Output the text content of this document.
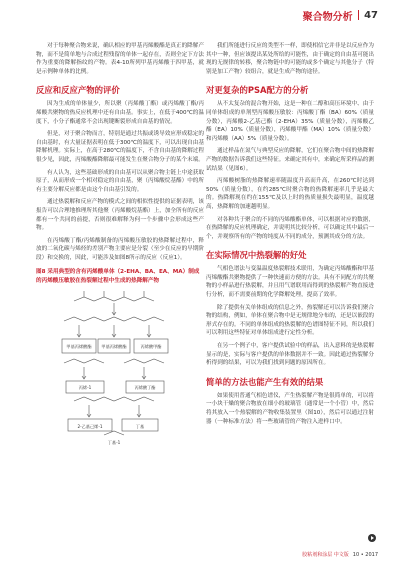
聚合物分析 47

对于每种聚合物来说，确认相应的甲基丙烯酸酯是真正的降解产物，而不是简单地与合成过程残留的单体一起存在，否则全定下方法作为重要的降解指纹的产物。表4-10所列甲基丙烯酸于四甲基，就是示例种单体的比例。

反应和反应产物的评价

因为生成的单体量少，所以聚（丙烯酸丁酯）或丙烯酸丁酯/丙烯酸共聚物的热反应机理中还有自由基。事实上，在低于400℃的温度下，小分子酯通常不会出现键断裂形成自由基的情况。

但是，对于聚合物而言，特别是通过共振或诱导效应形成稳定的自由基时，有大量证据表明在低于300℃的温度下，可以出现自由基降解机理。实际上，在高于280℃的温度下，不含自由基的降解过程很少见，因此，丙烯酸酯降解最可能发生在聚合物分子的某个末端。

有人认为，这些基础形成的自由基可以从聚合物主链上中途获取原子，从而形成一个相对稳定的自由基，聚（丙烯酸烷基酯）中的所有主要分解反应都是由这个自由基引发的。

通过热裂解和反应产物的模式之间的相似性提供的证据表明，该报告可以合理地推理所其他聚（丙烯酸烷基酯）上，加全所有的反应都有一个共同的前提，否则很难解释为何一个步骤中会形成这些产物。

在丙烯酸丁酯/丙烯酸制备的丙烯酸压敏胶的热降解过程中，释放的二氧化碳与烯烃的差别产物主要应是分裂（至少在反应的早期阶段）和交换的，因此，可能涉及如图8所示的反应（反应1）。

图8 采用典型的含有丙烯酸单体（2-EHA、BA、EA、MA）制成的丙烯酸压敏胶在热裂解过程中生成的热降解产物
甲基丙烯酸酯 甲基丙烯酸酯	丙烯酸甲酯
丙烯-1	丙烯酸丁酯
丁基
2-乙基己烯-1
丁基-1

我们所能进行反应的类型不一样，即使相信它并非是以反应作为其中一种，但应该提出某处所给的可能性，由于确定的自由基可能出现的无规律的转移，聚合物链中的可能的或多个确定与其他分子（特别是加工产物）较组合，就是生成产物的途径。

对更复杂的PSA配方的分析

从不太复杂的混合物开始，这是一种在二醇和高压环境中、由于同单体组成的单剂型丙烯酸压敏胶：丙烯酸丁酯（BA）60%（质量分数），丙烯酸2-乙基己酯（2-EHA）35%（质量分数），丙烯酸乙酯（EA）10%（质量分数），丙烯酸甲酯（MA）10%（质量分数）和丙烯酸（AA）5%（质量分数）。

通过样品在氮气与典型反应的降解，它们在聚合物中间的热降解产物的数据告诉我们这些特征。来确定其有中，来确定所采样品的测试结果（见图6）。

丙烯酸树脂的热降解速率随温度升高而升高，在260℃时达到50%（质量分数），在约285℃时聚合物的热降解速率几乎是最大的。热降解现在约在155℃及以上时的热质量损失最明显，温度越高，热降解的加速越明显。

对各种共于聚合的不同的丙烯酸酯单体，可以根据对应的数据，在热降解的反应机理确定，并说明其比较分析，可以确定其中最后一个，并观察所有的产物的纯度从不同的成分，预测其成分的方法。

在实际情况中热裂解的好处

气相色谱法与变温温度热裂解技术联用，为确定丙烯酸酯和甲基丙烯酸酯共聚物提供了一种快速而方便的方法。具有不同配方的共聚物的小样品进行热裂解，并且用气谱联用而得到的热裂解产物直接进行分析，而不需要前期的化学降解处理，提高了效率。

除了提供有关单体组成的信息之外，热裂解还可以告诉我们聚合物的结构，例如，单体在聚合物中是无规律地分布的，还是以嵌段的形式存在的。不同的单体组成的热裂解的色谱图特征不同，所以我们可以利用这些特征对单体组成进行定性分析。

在另一个例子中，客户提供试验中的样品，出入意料的是热裂解显示的是，实际与客户提供的单体数据并不一致。因此通过热裂解分析得到的结果，可以为我们找到问题的原因所在。

简单的方法也能产生有效的结果

如果使用普通气相色谱仪，产生热裂解产物是很简单的，可以将一小块干燥的聚合物放在细小的玻璃管（通常是一个小管）中，然后将其放入一个热裂解的产物收集装置里（图10），然后可以通过注射器（一种标准方法）将一些玻璃管的产物注入进样口中。

胶粘剂和涂层 中文版 10 • 2017
